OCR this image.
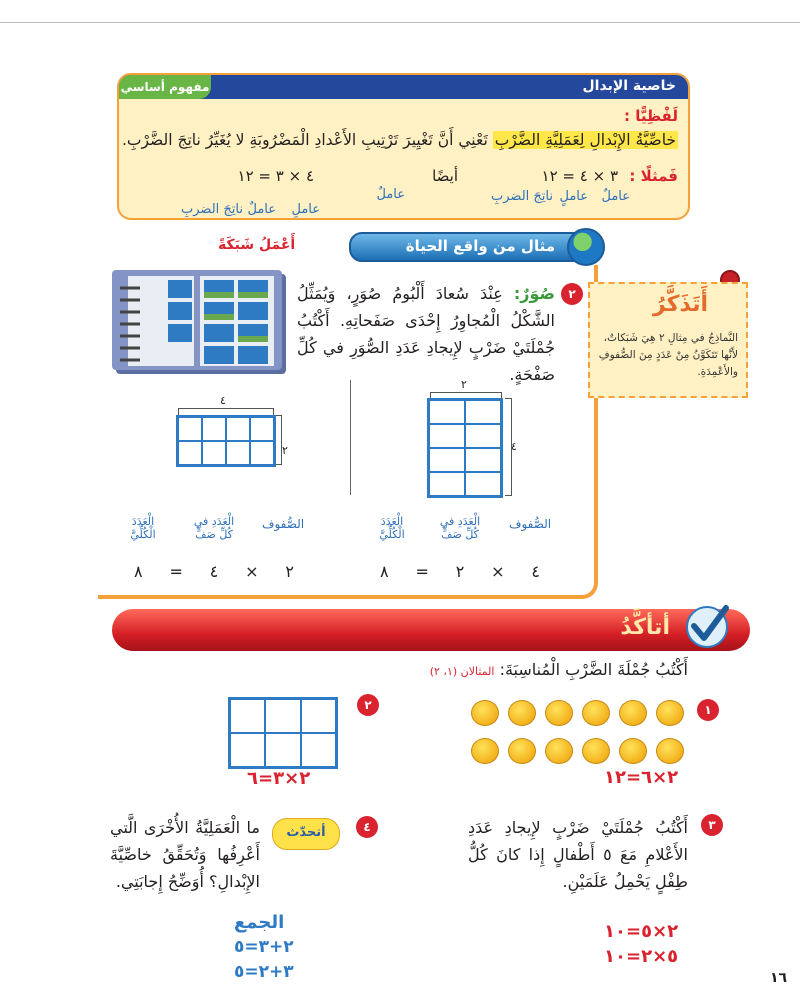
خاصية الإبدال
مفهوم أساسي
لَفْظِيًّا :
خاصِّيَّةُ الإِبْدالِ لِعَمَلِيَّةِ الضَّرْبِ تَعْنِي أَنَّ تَغْيِيرَ تَرْتِيبِ الأَعْدادِ الْمَضْرُوبَةِ لا يُغَيِّرُ ناتِجَ الضَّرْبِ.
فَمثلًا :
٤ × ٣ = ١٢	أيضًا	٣ × ٤ = ١٢
عاملٌ
عاملٍ
ناتِجَ الضربِ
عاملٌ
عاملٍ
عاملٌ
ناتِجَ الضربِ
مثال من واقع الحياة
أَعْمَلُ شَبَكَةً
٢
صُوَرٌ: عِنْدَ سُعادَ أَلْبُومُ صُوَرٍ، وَيُمَثِّلُ الشَّكْلُ الْمُجاوِرُ إِحْدَى صَفَحاتِهِ. أَكْتُبُ جُمْلَتَيْ ضَرْبٍ لإِيجادِ عَدَدِ الصُّوَرِ في كُلِّ صَفْحَةٍ.
٢
٤
٤
٢
الصُّفوف
الْعَدَدِ في كُلِّ صَفٍّ
الْعَدَدَ الْكُلِّيَّ
الصُّفوف
الْعَدَدِ في كُلِّ صَفٍّ
الْعَدَدَ الْكُلِّيَّ
٤
×
٢
=
٨
٢
×
٤
=
٨
أَتَذَكَّرُ
النَّماذِجُ في مِثالِ ٢ هِيَ شَبَكاتٌ، لأَنَّها تَتَكَوَّنُ مِنْ عَدَدٍ مِنَ الصُّفوفِ والأَعْمِدَةِ.
أتأكَّدُ
أَكْتُبُ جُمْلَةَ الضَّرْبِ الْمُناسِبَةَ: المثالان (١، ٢)
١
٢×٦=١٢
٢
٢×٣=٦
٣
أَكْتُبُ جُمْلَتَيْ ضَرْبٍ لإِيجادِ عَدَدِ الأَعْلامِ مَعَ ٥ أَطْفالٍ إِذا كانَ كُلُّ طِفْلٍ يَحْمِلُ عَلَمَيْنِ.
٢×٥=١٠
٥×٢=١٠
٤
أتحدّث
ما الْعَمَلِيَّةُ الأُخْرَى الَّتي أَعْرِفُها وَتُحَقِّقُ خاصِّيَّةَ الإِبْدالِ؟ أُوَضِّحُ إِجابَتِي.
الجمع
٢+٣=٥
٣+٢=٥	١٦
